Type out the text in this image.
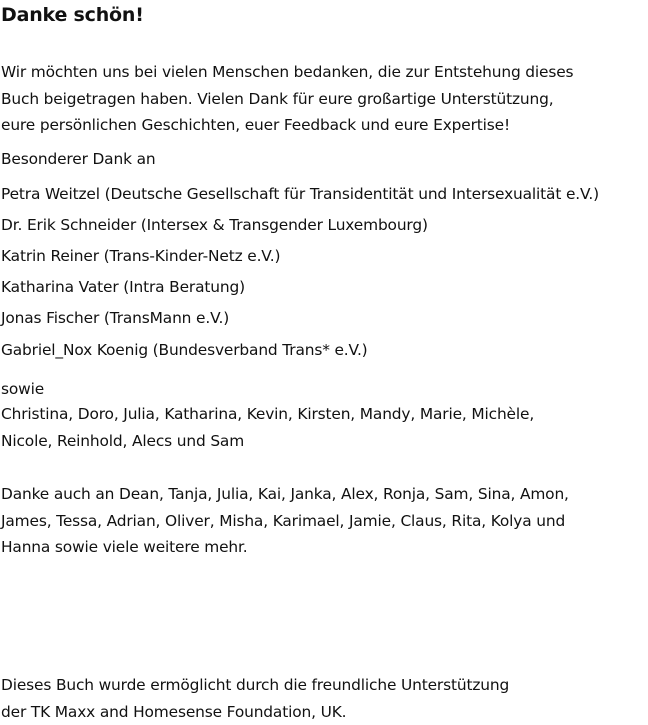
Danke schön!

Wir möchten uns bei vielen Menschen bedanken, die zur Entstehung dieses
Buch beigetragen haben. Vielen Dank für eure großartige Unterstützung,
eure persönlichen Geschichten, euer Feedback und eure Expertise!

Besonderer Dank an

Petra Weitzel (Deutsche Gesellschaft für Transidentität und Intersexualität e.V.)
Dr. Erik Schneider (Intersex & Transgender Luxembourg)
Katrin Reiner (Trans-Kinder-Netz e.V.)
Katharina Vater (Intra Beratung)
Jonas Fischer (TransMann e.V.)
Gabriel_Nox Koenig (Bundesverband Trans* e.V.)

sowie

Christina, Doro, Julia, Katharina, Kevin, Kirsten, Mandy, Marie, Michèle,
Nicole, Reinhold, Alecs und Sam

Danke auch an Dean, Tanja, Julia, Kai, Janka, Alex, Ronja, Sam, Sina, Amon,
James, Tessa, Adrian, Oliver, Misha, Karimael, Jamie, Claus, Rita, Kolya und
Hanna sowie viele weitere mehr.

Dieses Buch wurde ermöglicht durch die freundliche Unterstützung
der TK Maxx and Homesense Foundation, UK.
